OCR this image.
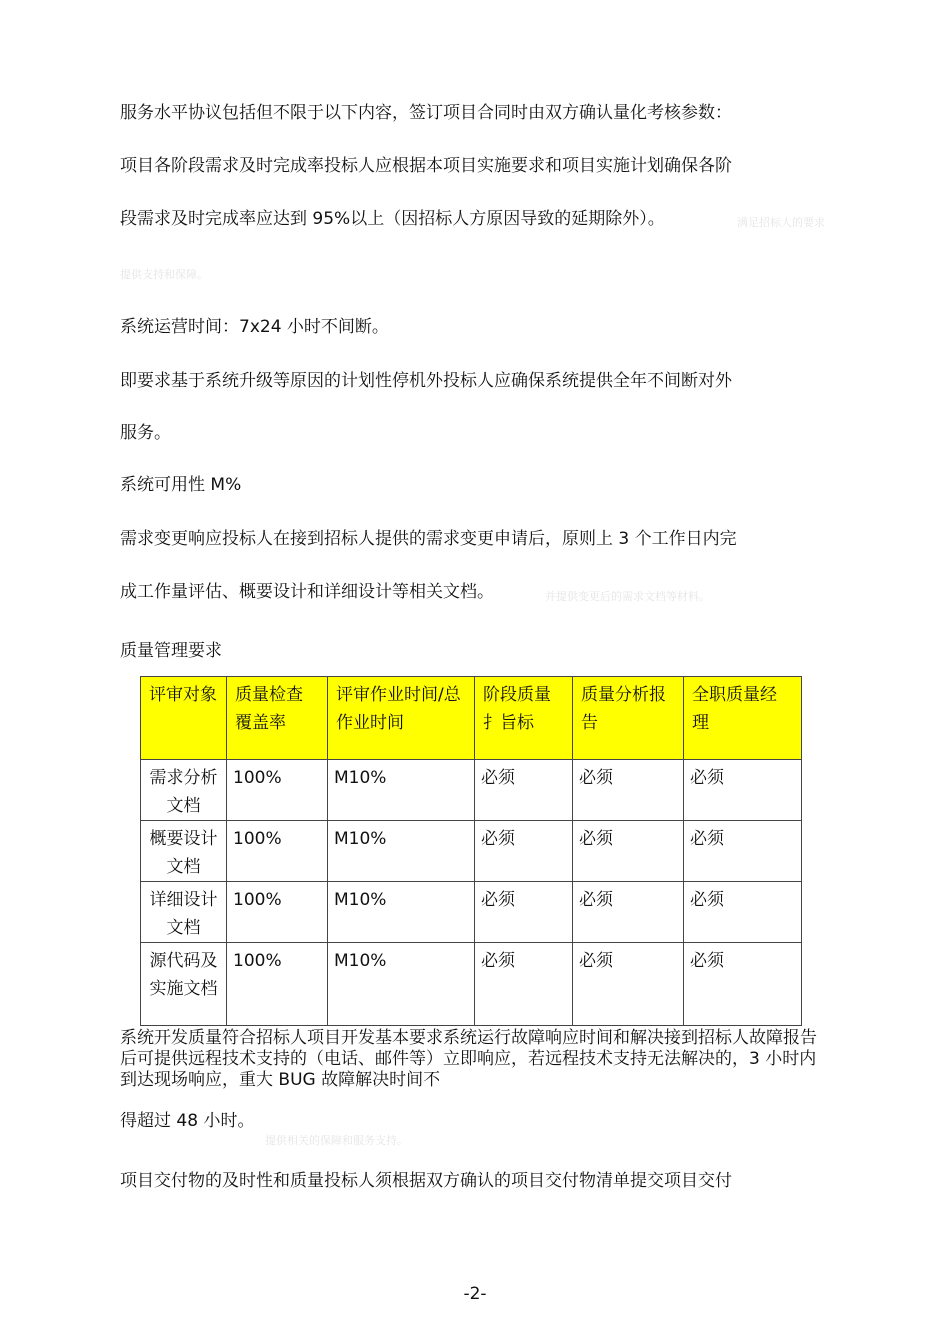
服务水平协议包括但不限于以下内容，签订项目合同时由双方确认量化考核参数：
项目各阶段需求及时完成率投标人应根据本项目实施要求和项目实施计划确保各阶
段需求及时完成率应达到 95%以上（因招标人方原因导致的延期除外）。	满足招标人的要求
提供支持和保障。
系统运营时间：7x24 小时不间断。
即要求基于系统升级等原因的计划性停机外投标人应确保系统提供全年不间断对外
服务。
系统可用性 M%
需求变更响应投标人在接到招标人提供的需求变更申请后，原则上 3 个工作日内完
成工作量评估、概要设计和详细设计等相关文档。	并提供变更后的需求文档等材料。
质量管理要求
评审对象	质量检查覆盖率	评审作业时间/总作业时间	阶段质量扌旨标	质量分析报告	全职质量经理
需求分析文档	100%	M10%	必须	必须	必须
概要设计文档	100%	M10%	必须	必须	必须
详细设计文档	100%	M10%	必须	必须	必须
源代码及实施文档	100%	M10%	必须	必须	必须
系统开发质量符合招标人项目开发基本要求系统运行故障响应时间和解决接到招标人故障报告后可提供远程技术支持的（电话、邮件等）立即响应，若远程技术支持无法解决的，3 小时内到达现场响应，重大 BUG 故障解决时间不
得超过 48 小时。
提供相关的保障和服务支持。
项目交付物的及时性和质量投标人须根据双方确认的项目交付物清单提交项目交付
-2-
